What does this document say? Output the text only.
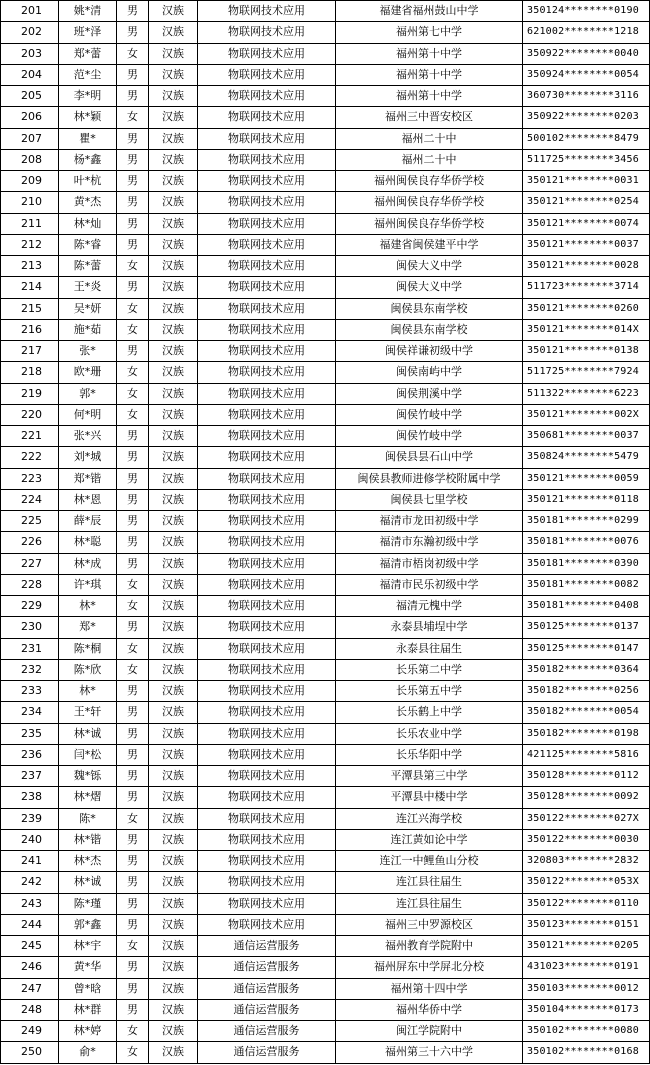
201	姚*清	男	汉族	物联网技术应用	福建省福州鼓山中学	350124********0190
202	班*泽	男	汉族	物联网技术应用	福州第七中学	621002********1218
203	郑*蕾	女	汉族	物联网技术应用	福州第十中学	350922********0040
204	范*尘	男	汉族	物联网技术应用	福州第十中学	350924********0054
205	李*明	男	汉族	物联网技术应用	福州第十中学	360730********3116
206	林*颖	女	汉族	物联网技术应用	福州三中晋安校区	350922********0203
207	瞿*	男	汉族	物联网技术应用	福州二十中	500102********8479
208	杨*鑫	男	汉族	物联网技术应用	福州二十中	511725********3456
209	叶*杭	男	汉族	物联网技术应用	福州闽侯良存华侨学校	350121********0031
210	黄*杰	男	汉族	物联网技术应用	福州闽侯良存华侨学校	350121********0254
211	林*灿	男	汉族	物联网技术应用	福州闽侯良存华侨学校	350121********0074
212	陈*睿	男	汉族	物联网技术应用	福建省闽侯建平中学	350121********0037
213	陈*蕾	女	汉族	物联网技术应用	闽侯大义中学	350121********0028
214	王*炎	男	汉族	物联网技术应用	闽侯大义中学	511723********3714
215	吴*妍	女	汉族	物联网技术应用	闽侯县东南学校	350121********0260
216	施*茹	女	汉族	物联网技术应用	闽侯县东南学校	350121********014X
217	张*	男	汉族	物联网技术应用	闽侯祥谦初级中学	350121********0138
218	欧*珊	女	汉族	物联网技术应用	闽侯南屿中学	511725********7924
219	郭*	女	汉族	物联网技术应用	闽侯荆溪中学	511322********6223
220	何*明	女	汉族	物联网技术应用	闽侯竹岐中学	350121********002X
221	张*兴	男	汉族	物联网技术应用	闽侯竹岐中学	350681********0037
222	刘*城	男	汉族	物联网技术应用	闽侯县昙石山中学	350824********5479
223	郑*锴	男	汉族	物联网技术应用	闽侯县教师进修学校附属中学	350121********0059
224	林*恩	男	汉族	物联网技术应用	闽侯县七里学校	350121********0118
225	薛*辰	男	汉族	物联网技术应用	福清市龙田初级中学	350181********0299
226	林*聪	男	汉族	物联网技术应用	福清市东瀚初级中学	350181********0076
227	林*成	男	汉族	物联网技术应用	福清市梧岗初级中学	350181********0390
228	许*琪	女	汉族	物联网技术应用	福清市民乐初级中学	350181********0082
229	林*	女	汉族	物联网技术应用	福清元槐中学	350181********0408
230	郑*	男	汉族	物联网技术应用	永泰县埔埕中学	350125********0137
231	陈*桐	女	汉族	物联网技术应用	永泰县往届生	350125********0147
232	陈*欣	女	汉族	物联网技术应用	长乐第二中学	350182********0364
233	林*	男	汉族	物联网技术应用	长乐第五中学	350182********0256
234	王*轩	男	汉族	物联网技术应用	长乐鹤上中学	350182********0054
235	林*诚	男	汉族	物联网技术应用	长乐农业中学	350182********0198
236	闫*松	男	汉族	物联网技术应用	长乐华阳中学	421125********5816
237	魏*铄	男	汉族	物联网技术应用	平潭县第三中学	350128********0112
238	林*熠	男	汉族	物联网技术应用	平潭县中楼中学	350128********0092
239	陈*	女	汉族	物联网技术应用	连江兴海学校	350122********027X
240	林*锴	男	汉族	物联网技术应用	连江黄如论中学	350122********0030
241	林*杰	男	汉族	物联网技术应用	连江一中鲤鱼山分校	320803********2832
242	林*诚	男	汉族	物联网技术应用	连江县往届生	350122********053X
243	陈*瑾	男	汉族	物联网技术应用	连江县往届生	350122********0110
244	郭*鑫	男	汉族	物联网技术应用	福州三中罗源校区	350123********0151
245	林*宇	女	汉族	通信运营服务	福州教育学院附中	350121********0205
246	黄*华	男	汉族	通信运营服务	福州屏东中学屏北分校	431023********0191
247	曾*晗	男	汉族	通信运营服务	福州第十四中学	350103********0012
248	林*群	男	汉族	通信运营服务	福州华侨中学	350104********0173
249	林*婷	女	汉族	通信运营服务	闽江学院附中	350102********0080
250	俞*	女	汉族	通信运营服务	福州第三十六中学	350102********0168
